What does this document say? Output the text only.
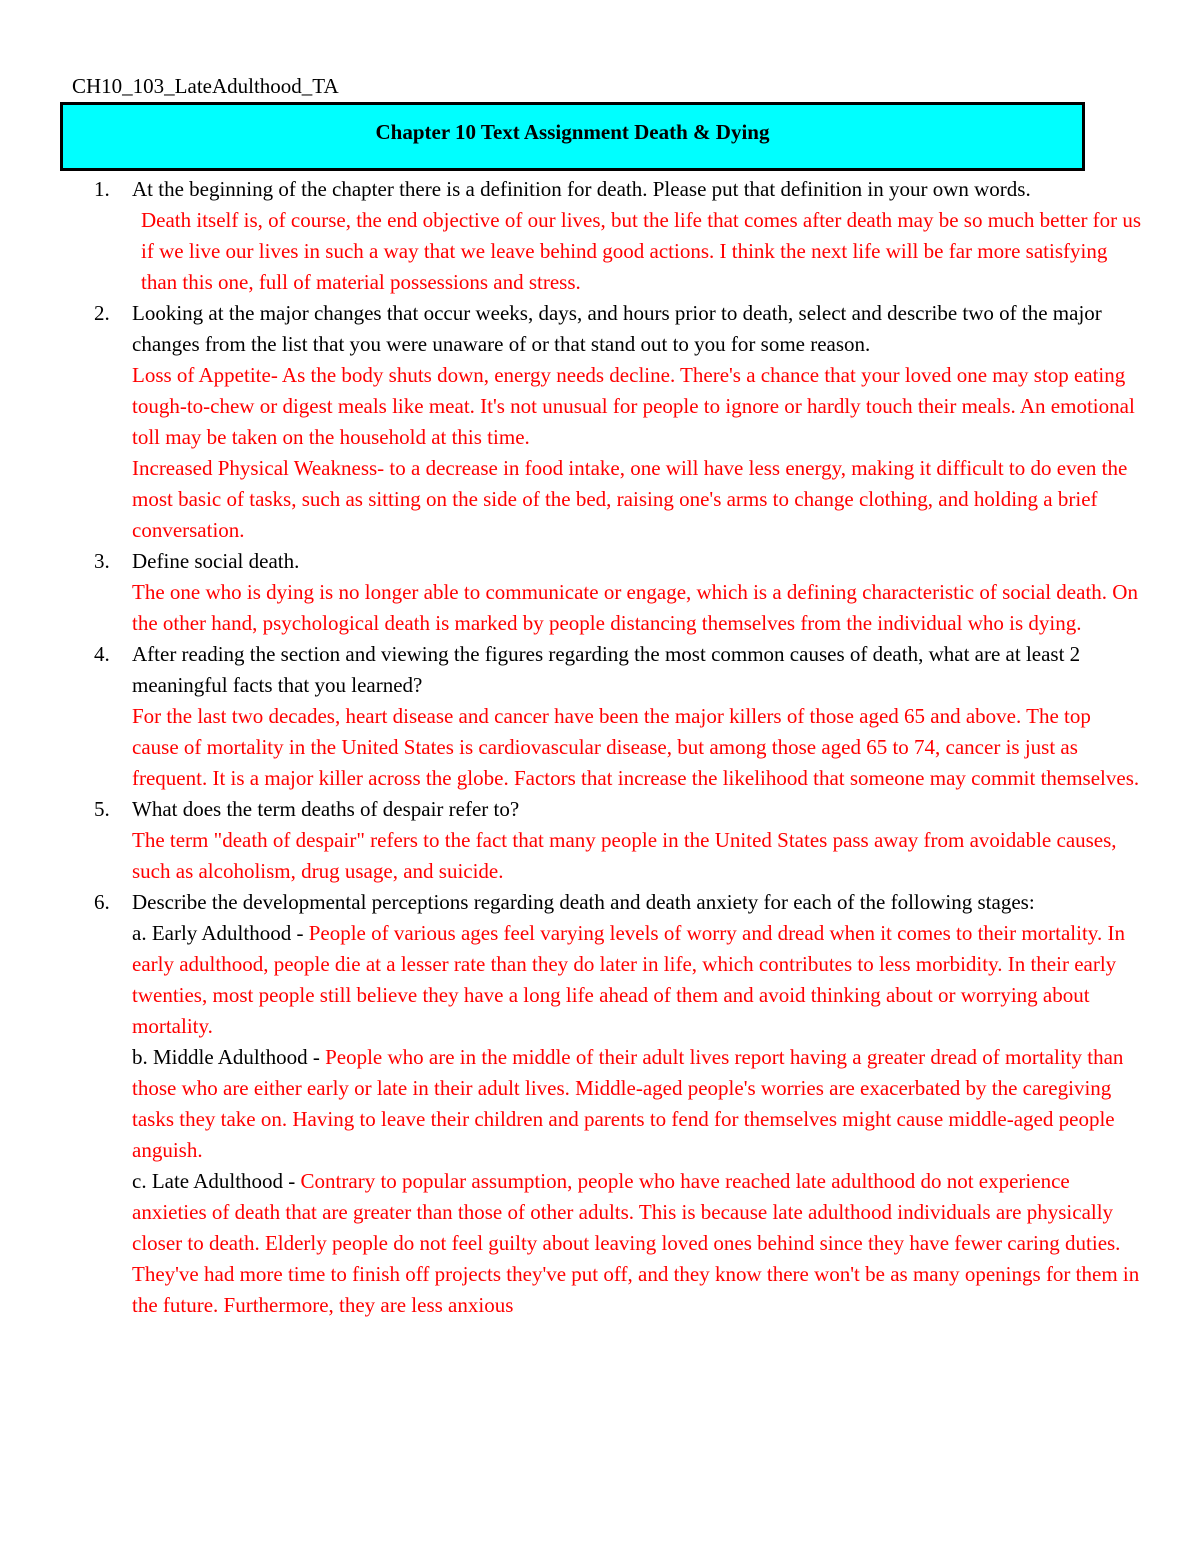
CH10_103_LateAdulthood_TA

Chapter 10 Text Assignment Death & Dying
1. At the beginning of the chapter there is a definition for death. Please put that definition in your own words.
Death itself is, of course, the end objective of our lives, but the life that comes after death may be so much better for us if we live our lives in such a way that we leave behind good actions. I think the next life will be far more satisfying than this one, full of material possessions and stress.
2. Looking at the major changes that occur weeks, days, and hours prior to death, select and describe two of the major changes from the list that you were unaware of or that stand out to you for some reason.
Loss of Appetite- As the body shuts down, energy needs decline. There's a chance that your loved one may stop eating tough-to-chew or digest meals like meat. It's not unusual for people to ignore or hardly touch their meals. An emotional toll may be taken on the household at this time.
Increased Physical Weakness- to a decrease in food intake, one will have less energy, making it difficult to do even the most basic of tasks, such as sitting on the side of the bed, raising one's arms to change clothing, and holding a brief conversation.
3. Define social death.
The one who is dying is no longer able to communicate or engage, which is a defining characteristic of social death. On the other hand, psychological death is marked by people distancing themselves from the individual who is dying.
4. After reading the section and viewing the figures regarding the most common causes of death, what are at least 2 meaningful facts that you learned?
For the last two decades, heart disease and cancer have been the major killers of those aged 65 and above. The top cause of mortality in the United States is cardiovascular disease, but among those aged 65 to 74, cancer is just as frequent. It is a major killer across the globe. Factors that increase the likelihood that someone may commit themselves.
5. What does the term deaths of despair refer to?
The term "death of despair" refers to the fact that many people in the United States pass away from avoidable causes, such as alcoholism, drug usage, and suicide.
6. Describe the developmental perceptions regarding death and death anxiety for each of the following stages:
a. Early Adulthood - People of various ages feel varying levels of worry and dread when it comes to their mortality. In early adulthood, people die at a lesser rate than they do later in life, which contributes to less morbidity. In their early twenties, most people still believe they have a long life ahead of them and avoid thinking about or worrying about mortality.
b. Middle Adulthood - People who are in the middle of their adult lives report having a greater dread of mortality than those who are either early or late in their adult lives. Middle-aged people's worries are exacerbated by the caregiving tasks they take on. Having to leave their children and parents to fend for themselves might cause middle-aged people anguish.
c. Late Adulthood - Contrary to popular assumption, people who have reached late adulthood do not experience anxieties of death that are greater than those of other adults. This is because late adulthood individuals are physically closer to death. Elderly people do not feel guilty about leaving loved ones behind since they have fewer caring duties. They've had more time to finish off projects they've put off, and they know there won't be as many openings for them in the future. Furthermore, they are less anxious
